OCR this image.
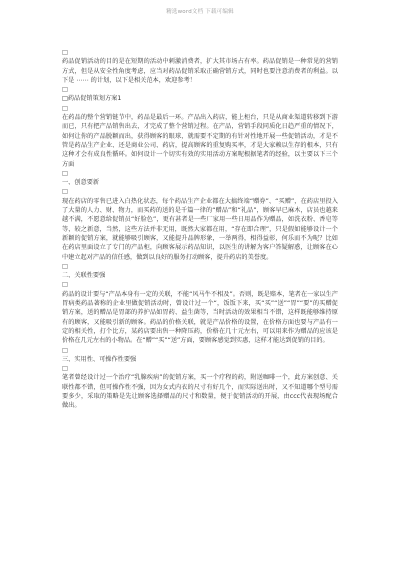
精选word文档 下载可编辑

□

药品促销活动的目的是在短期的活动中刺激消费者，扩大其市场占有率。药品促销是一种常见的营销方式，但是从安全性角度考虑，应当对药品促销采取正确营销方式，同时也要注意消费者的利益。以下是 ⋯⋯ 的计划，以下是相关范本，欢迎参考！

□

□药品促销策划方案1

□

在药品的整个营销链节中，药品是最后一环。产品出入药店，能上柜台，只是从商业渠道转移到下游而已，只有把产品销售出去，才完成了整个营销过程。在产品，营销手段同质化日趋严重的情况下，如何让你的产品脱颖而出，获得顾客的眼球，就需要不定期的有针对性地开展一些促销活动，才是不管是药品生产企业、还是商业公司、药店，提高顾客的重复购买率，才是大家赖以生存的根本，只有这种才会有成良性循环。如何设计一个切实有效的实用活动方案呢根据笔者的经验，以主要以下三个方面

□

一、创意要新

□

现在药店的零售已进入白热化状态，每个药品生产企业都在大搞终端“赠券”、“买赠”，在药店里投入了大量的人力、财、物力，而买药的送的是千篇一律的“赠品”和“礼品”，顾客早已麻木，店员也越来越不满，不愿意给促销员“好脸色”，更有甚者是一些厂家用一些日用品作为赠品，如洗衣粉、香皂等等，较之新意，当然，这些方法并非无用，既然大家都在用，“存在即合理”，只是假如能够设计一个新颖的促销方案，就能够吸引顾客，又能提升品牌形象，一举两得，相得益彰，何乐而不为呢？比如在药店里面设立了专门的产品柜，向顾客展示药品知识，以医生的讲解为客户答疑解惑，让顾客在心中建立起对产品的信任感，做到以良好的服务打动顾客，提升药店的美誉度。

□

二、关联性要强

□

药品的设计要与“产品本身有一定的关联，不能“风马牛不相及”。否则，既是赔本，笔者在一家以生产胃病类药品著称的企业里做促销活动时，曾设计过一个“，饭饭下来，买“买”“送”“胃”“要”的买赠促销方案，送的赠品是胃部的养护品如胃药、益生菌等，当时活动的效果相当不错，这样既能够维持原有的顾客，又能吸引新的顾客。药品的价格关联，就是产品价格的设置，在价格方面也要与产品有一定的相关性，打个比方，某药店要出售一种降压药，价格在几十元左右，可以用来作为赠品的应该是价格在几元左右的小物品。在“赠”“买”“送”方面，要顾客感觉到实惠，这样才能达到促销的目的。

□

三、实用性、可操作性要强

□

笔者曾经设计过一个治疗“乳腺疾病”的促销方案，买一个疗程的药，附送咖啡一个，此方案创意、关联性都不错，但可操作性不强，因为女式内衣的尺寸有好几个，而实际送出时，又不知道哪个型号需要多少，采取的策略是先让顾客选择赠品的尺寸和数量，便于促销活动的开展，由ccc代表现场配合做出。
